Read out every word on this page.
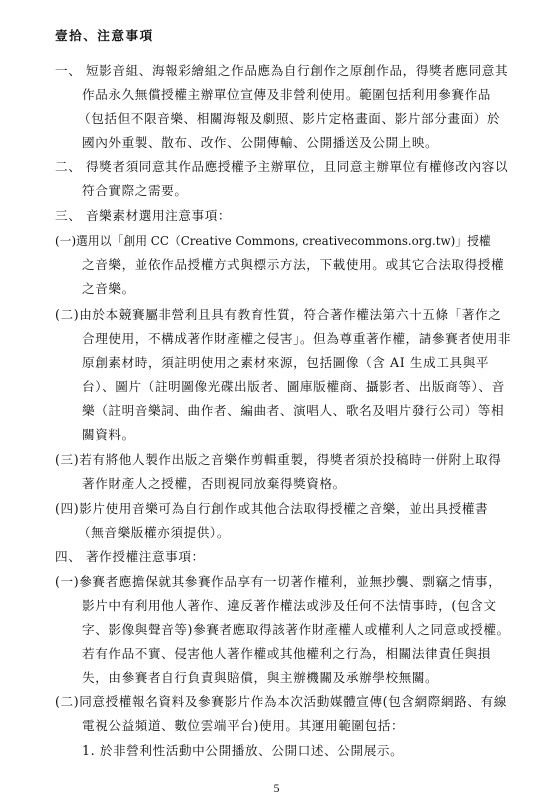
壹拾、注意事項
一、 短影音組、海報彩繪組之作品應為自行創作之原創作品，得獎者應同意其
作品永久無償授權主辦單位宣傳及非營利使用。範圍包括利用參賽作品
（包括但不限音樂、相關海報及劇照、影片定格畫面、影片部分畫面）於
國內外重製、散布、改作、公開傳輸、公開播送及公開上映。
二、 得獎者須同意其作品應授權予主辦單位，且同意主辦單位有權修改內容以
符合實際之需要。
三、 音樂素材選用注意事項：
(一)選用以「創用 CC（Creative Commons, creativecommons.org.tw)」授權
之音樂，並依作品授權方式與標示方法，下載使用。或其它合法取得授權
之音樂。
(二)由於本競賽屬非營利且具有教育性質，符合著作權法第六十五條「著作之
合理使用，不構成著作財產權之侵害」。但為尊重著作權，請參賽者使用非
原創素材時，須註明使用之素材來源，包括圖像（含 AI 生成工具與平
台）、圖片（註明圖像光碟出版者、圖庫版權商、攝影者、出版商等）、音
樂（註明音樂詞、曲作者、編曲者、演唱人、歌名及唱片發行公司）等相
關資料。
(三)若有將他人製作出版之音樂作剪輯重製，得獎者須於投稿時一併附上取得
著作財產人之授權，否則視同放棄得獎資格。
(四)影片使用音樂可為自行創作或其他合法取得授權之音樂，並出具授權書
（無音樂版權亦須提供）。
四、 著作授權注意事項：
(一)參賽者應擔保就其參賽作品享有一切著作權利，並無抄襲、剽竊之情事，
影片中有利用他人著作、違反著作權法或涉及任何不法情事時，(包含文
字、影像與聲音等)參賽者應取得該著作財產權人或權利人之同意或授權。
若有作品不實、侵害他人著作權或其他權利之行為，相關法律責任與損
失，由參賽者自行負責與賠償，與主辦機關及承辦學校無關。
(二)同意授權報名資料及參賽影片作為本次活動媒體宣傳(包含網際網路、有線
電視公益頻道、數位雲端平台)使用。其運用範圍包括：
1. 於非營利性活動中公開播放、公開口述、公開展示。
5
